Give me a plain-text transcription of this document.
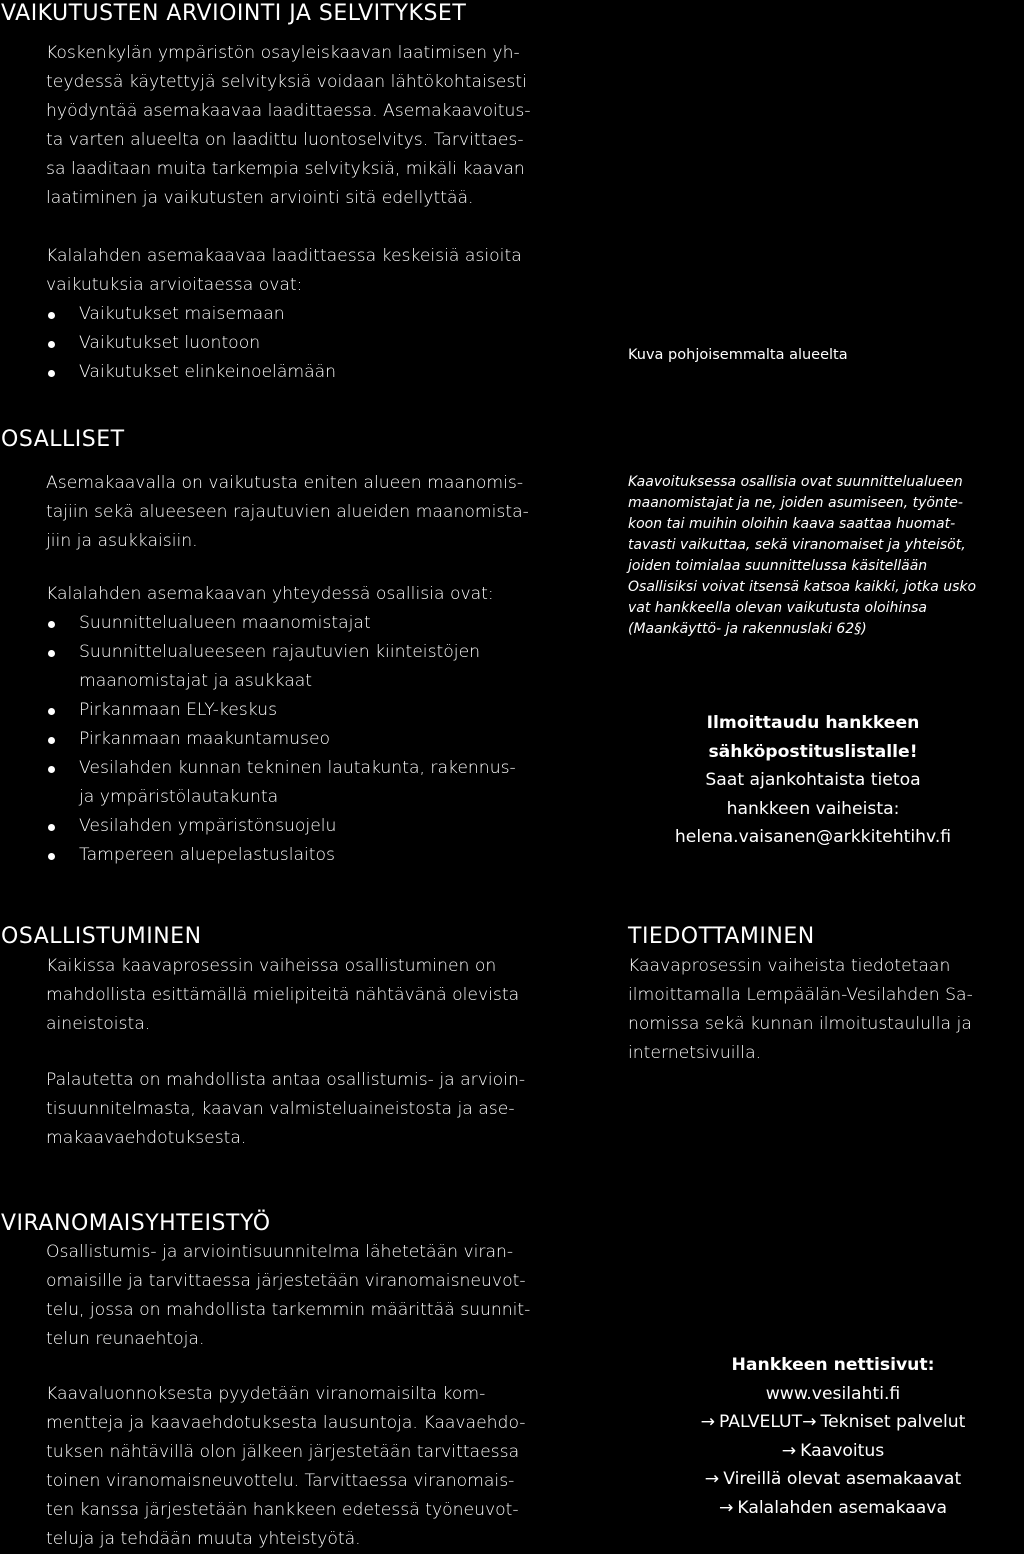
VAIKUTUSTEN ARVIOINTI JA SELVITYKSET
Koskenkylän ympäristön osayleiskaavan laatimisen yh-
teydessä käytettyjä selvityksiä voidaan lähtökohtaisesti
hyödyntää asemakaavaa laadittaessa. Asemakaavoitus-
ta varten alueelta on laadittu luontoselvitys. Tarvittaes-
sa laaditaan muita tarkempia selvityksiä, mikäli kaavan
laatiminen ja vaikutusten arviointi sitä edellyttää.
Kalalahden asemakaavaa laadittaessa keskeisiä asioita
vaikutuksia arvioitaessa ovat:
Vaikutukset maisemaan
Vaikutukset luontoon
Vaikutukset elinkeinoelämään
Kuva pohjoisemmalta alueelta
OSALLISET
Asemakaavalla on vaikutusta eniten alueen maanomis-
tajiin sekä alueeseen rajautuvien alueiden maanomista-
jiin ja asukkaisiin.
Kalalahden asemakaavan yhteydessä osallisia ovat:
Suunnittelualueen maanomistajat
Suunnittelualueeseen rajautuvien kiinteistöjen
maanomistajat ja asukkaat
Pirkanmaan ELY-keskus
Pirkanmaan maakuntamuseo
Vesilahden kunnan tekninen lautakunta, rakennus-
ja ympäristölautakunta
Vesilahden ympäristönsuojelu
Tampereen aluepelastuslaitos
Kaavoituksessa osallisia ovat suunnittelualueen
maanomistajat ja ne, joiden asumiseen, työnte-
koon tai muihin oloihin kaava saattaa huomat-
tavasti vaikuttaa, sekä viranomaiset ja yhteisöt,
joiden toimialaa suunnittelussa käsitellään
Osallisiksi voivat itsensä katsoa kaikki, jotka usko
vat hankkeella olevan vaikutusta oloihinsa
(Maankäyttö- ja rakennuslaki 62§)
Ilmoittaudu hankkeen
sähköpostituslistalle!
Saat ajankohtaista tietoa
hankkeen vaiheista:
helena.vaisanen@arkkitehtihv.fi
OSALLISTUMINEN
Kaikissa kaavaprosessin vaiheissa osallistuminen on
mahdollista esittämällä mielipiteitä nähtävänä olevista
aineistoista.
Palautetta on mahdollista antaa osallistumis- ja arvioin-
tisuunnitelmasta, kaavan valmisteluaineistosta ja ase-
makaavaehdotuksesta.
TIEDOTTAMINEN
Kaavaprosessin vaiheista tiedotetaan
ilmoittamalla Lempäälän-Vesilahden Sa-
nomissa sekä kunnan ilmoitustaululla ja
internetsivuilla.
VIRANOMAISYHTEISTYÖ
Osallistumis- ja arviointisuunnitelma lähetetään viran-
omaisille ja tarvittaessa järjestetään viranomaisneuvot-
telu, jossa on mahdollista tarkemmin määrittää suunnit-
telun reunaehtoja.
Kaavaluonnoksesta pyydetään viranomaisilta kom-
mentteja ja kaavaehdotuksesta lausuntoja. Kaavaehdo-
tuksen nähtävillä olon jälkeen järjestetään tarvittaessa
toinen viranomaisneuvottelu. Tarvittaessa viranomais-
ten kanssa järjestetään hankkeen edetessä työneuvot-
teluja ja tehdään muuta yhteistyötä.
Hankkeen nettisivut:
www.vesilahti.fi
→ PALVELUT→ Tekniset palvelut
→ Kaavoitus
→ Vireillä olevat asemakaavat
→ Kalalahden asemakaava
